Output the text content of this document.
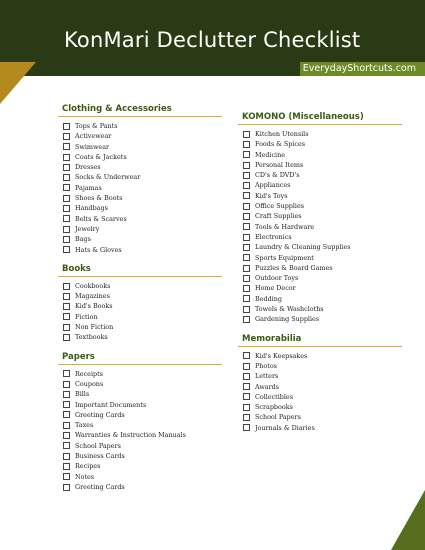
KonMari Declutter Checklist
EverydayShortcuts.com
Clothing & Accessories
Tops & Pants
Activewear
Swimwear
Coats & Jackets
Dresses
Socks & Underwear
Pajamas
Shoes & Boots
Handbags
Belts & Scarves
Jewelry
Bags
Hats & Gloves
Books
Cookbooks
Magazines
Kid's Books
Fiction
Non Fiction
Textbooks
Papers
Receipts
Coupons
Bills
Important Documents
Greeting Cards
Taxes
Warranties & Instruction Manuals
School Papers
Business Cards
Recipes
Notes
Greeting Cards
KOMONO (Miscellaneous)
Kitchen Utensils
Foods & Spices
Medicine
Personal Items
CD's & DVD's
Appliances
Kid's Toys
Office Supplies
Craft Supplies
Tools & Hardware
Electronics
Laundry & Cleaning Supplies
Sports Equipment
Puzzles & Board Games
Outdoor Toys
Home Decor
Bedding
Towels & Washcloths
Gardening Supplies
Memorabilia
Kid's Keepsakes
Photos
Letters
Awards
Collectibles
Scrapbooks
School Papers
Journals & Diaries
